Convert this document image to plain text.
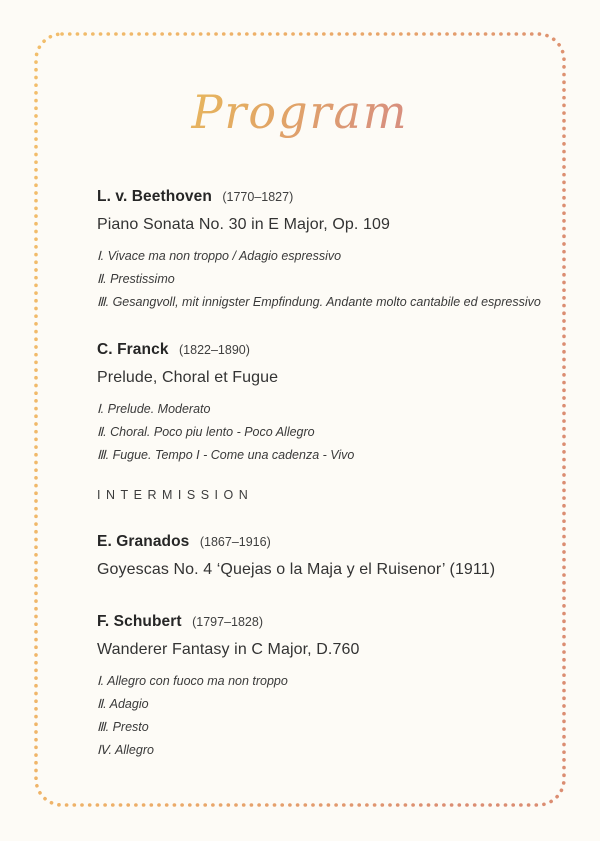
Program
L. v. Beethoven (1770–1827)
Piano Sonata No. 30 in E Major, Op. 109
Ⅰ. Vivace ma non troppo / Adagio espressivo
Ⅱ. Prestissimo
Ⅲ. Gesangvoll, mit innigster Empfindung. Andante molto cantabile ed espressivo
C. Franck (1822–1890)
Prelude, Choral et Fugue
Ⅰ. Prelude. Moderato
Ⅱ. Choral. Poco piu lento - Poco Allegro
Ⅲ. Fugue. Tempo I - Come una cadenza - Vivo
INTERMISSION
E. Granados (1867–1916)
Goyescas No. 4 ‘Quejas o la Maja y el Ruisenor’ (1911)
F. Schubert (1797–1828)
Wanderer Fantasy in C Major, D.760
Ⅰ. Allegro con fuoco ma non troppo
Ⅱ. Adagio
Ⅲ. Presto
Ⅳ. Allegro
